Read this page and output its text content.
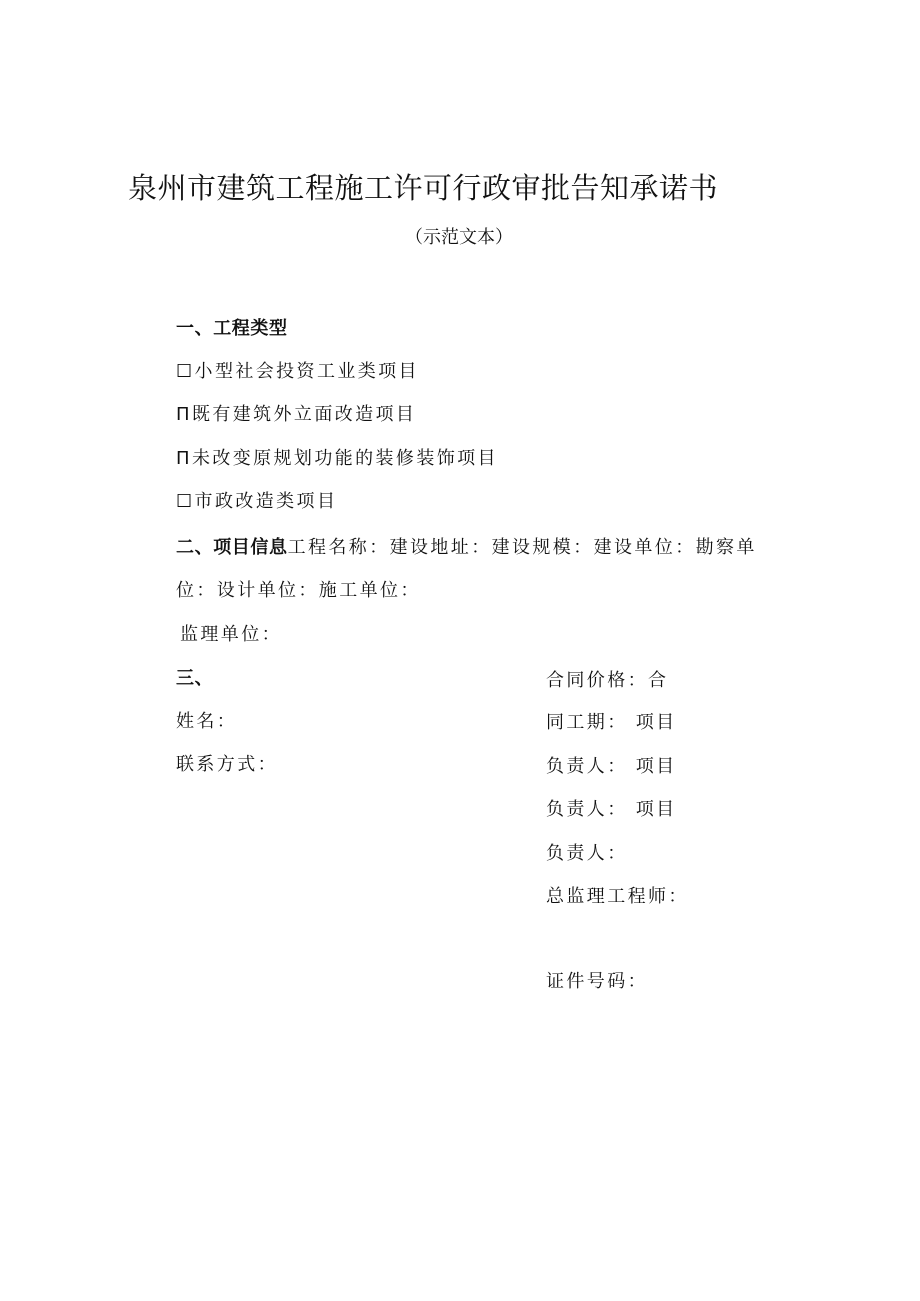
泉州市建筑工程施工许可行政审批告知承诺书
（示范文本）
一、工程类型
☐小型社会投资工业类项目
Π既有建筑外立面改造项目
Π未改变原规划功能的装修装饰项目
☐市政改造类项目
二、项目信息工程名称：建设地址：建设规模：建设单位：勘察单
位：设计单位：施工单位：
监理单位：
三、
姓名：
联系方式：
合同价格：合
同工期： 项目
负责人： 项目
负责人： 项目
负责人：
总监理工程师：
证件号码：
